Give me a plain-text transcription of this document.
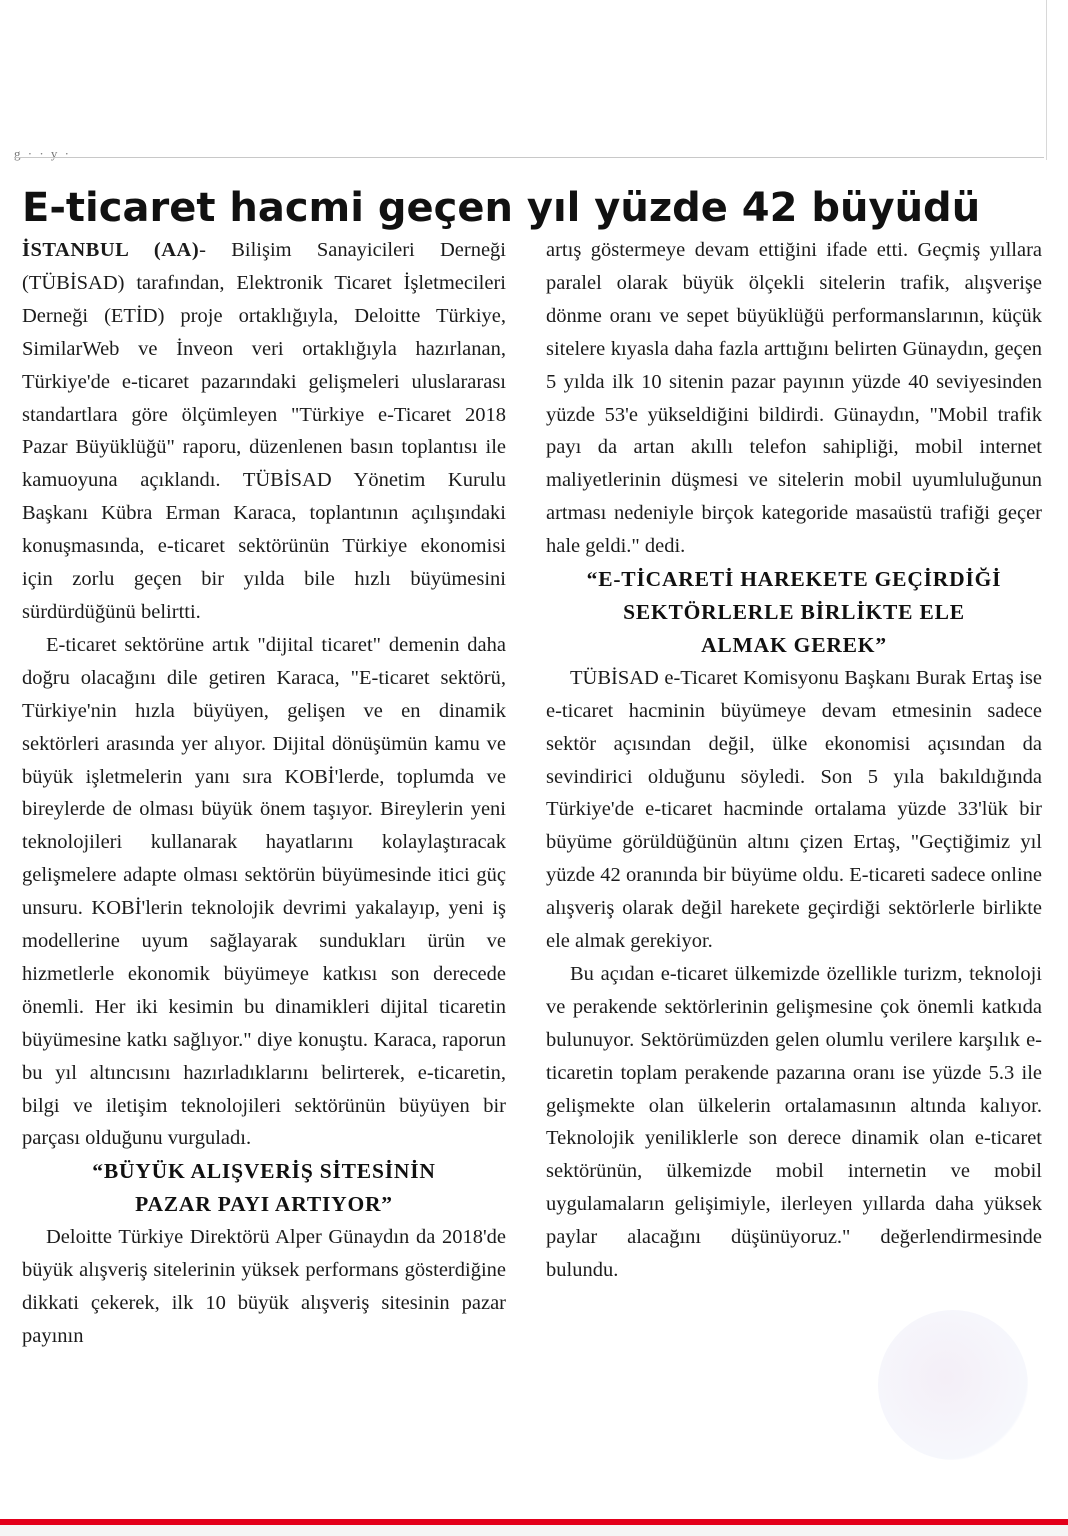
g · · y ·
E-ticaret hacmi geçen yıl yüzde 42 büyüdü

İSTANBUL (AA)- Bilişim Sanayicileri Derneği (TÜBİSAD) tarafından, Elektronik Ticaret İşletmecileri Derneği (ETİD) proje ortaklığıyla, Deloitte Türkiye, SimilarWeb ve İnveon veri ortaklığıyla hazırlanan, Türkiye'de e-ticaret pazarındaki gelişmeleri uluslararası standartlara göre ölçümleyen "Türkiye e-Ticaret 2018 Pazar Büyüklüğü" raporu, düzenlenen basın toplantısı ile kamuoyuna açıklandı. TÜBİSAD Yönetim Kurulu Başkanı Kübra Erman Karaca, toplantının açılışındaki konuşmasında, e-ticaret sektörünün Türkiye ekonomisi için zorlu geçen bir yılda bile hızlı büyümesini sürdürdüğünü belirtti.

E-ticaret sektörüne artık "dijital ticaret" demenin daha doğru olacağını dile getiren Karaca, "E-ticaret sektörü, Türkiye'nin hızla büyüyen, gelişen ve en dinamik sektörleri arasında yer alıyor. Dijital dönüşümün kamu ve büyük işletmelerin yanı sıra KOBİ'lerde, toplumda ve bireylerde de olması büyük önem taşıyor. Bireylerin yeni teknolojileri kullanarak hayatlarını kolaylaştıracak gelişmelere adapte olması sektörün büyümesinde itici güç unsuru. KOBİ'lerin teknolojik devrimi yakalayıp, yeni iş modellerine uyum sağlayarak sundukları ürün ve hizmetlerle ekonomik büyümeye katkısı son derecede önemli. Her iki kesimin bu dinamikleri dijital ticaretin büyümesine katkı sağlıyor." diye konuştu. Karaca, raporun bu yıl altıncısını hazırladıklarını belirterek, e-ticaretin, bilgi ve iletişim teknolojileri sektörünün büyüyen bir parçası olduğunu vurguladı.

“BÜYÜK ALIŞVERİŞ SİTESİNİN
PAZAR PAYI ARTIYOR”

Deloitte Türkiye Direktörü Alper Günaydın da 2018'de büyük alışveriş sitelerinin yüksek performans gösterdiğine dikkati çekerek, ilk 10 büyük alışveriş sitesinin pazar payının

artış göstermeye devam ettiğini ifade etti. Geçmiş yıllara paralel olarak büyük ölçekli sitelerin trafik, alışverişe dönme oranı ve sepet büyüklüğü performanslarının, küçük sitelere kıyasla daha fazla arttığını belirten Günaydın, geçen 5 yılda ilk 10 sitenin pazar payının yüzde 40 seviyesinden yüzde 53'e yükseldiğini bildirdi. Günaydın, "Mobil trafik payı da artan akıllı telefon sahipliği, mobil internet maliyetlerinin düşmesi ve sitelerin mobil uyumluluğunun artması nedeniyle birçok kategoride masaüstü trafiği geçer hale geldi." dedi.

“E-TİCARETİ HAREKETE GEÇİRDİĞİ
SEKTÖRLERLE BİRLİKTE ELE
ALMAK GEREK”

TÜBİSAD e-Ticaret Komisyonu Başkanı Burak Ertaş ise e-ticaret hacminin büyümeye devam etmesinin sadece sektör açısından değil, ülke ekonomisi açısından da sevindirici olduğunu söyledi. Son 5 yıla bakıldığında Türkiye'de e-ticaret hacminde ortalama yüzde 33'lük bir büyüme görüldüğünün altını çizen Ertaş, "Geçtiğimiz yıl yüzde 42 oranında bir büyüme oldu. E-ticareti sadece online alışveriş olarak değil harekete geçirdiği sektörlerle birlikte ele almak gerekiyor.

Bu açıdan e-ticaret ülkemizde özellikle turizm, teknoloji ve perakende sektörlerinin gelişmesine çok önemli katkıda bulunuyor. Sektörümüzden gelen olumlu verilere karşılık e-ticaretin toplam perakende pazarına oranı ise yüzde 5.3 ile gelişmekte olan ülkelerin ortalamasının altında kalıyor. Teknolojik yeniliklerle son derece dinamik olan e-ticaret sektörünün, ülkemizde mobil internetin ve mobil uygulamaların gelişimiyle, ilerleyen yıllarda daha yüksek paylar alacağını düşünüyoruz." değerlendirmesinde bulundu.
